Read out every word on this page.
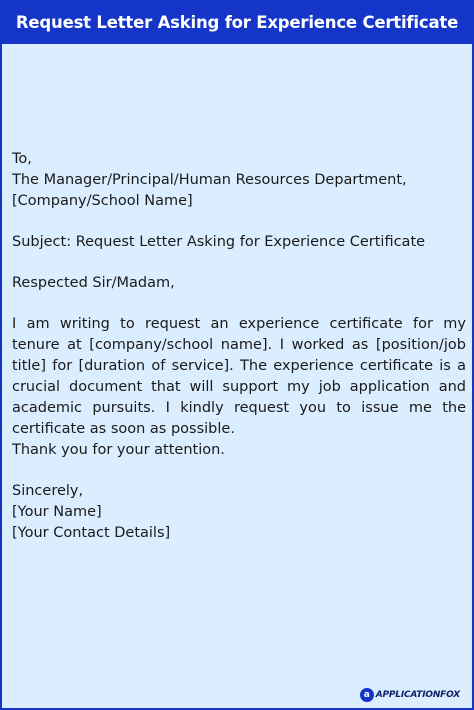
Request Letter Asking for Experience Certificate

To,

The Manager/Principal/Human Resources Department,

[Company/School Name]

Subject: Request Letter Asking for Experience Certificate

Respected Sir/Madam,

I am writing to request an experience certificate for my tenure at [company/school name]. I worked as [position/job title] for [duration of service]. The experience certificate is a crucial document that will support my job application and academic pursuits. I kindly request you to issue me the certificate as soon as possible.

Thank you for your attention.

Sincerely,

[Your Name]

[Your Contact Details]

a APPLICATIONFOX
